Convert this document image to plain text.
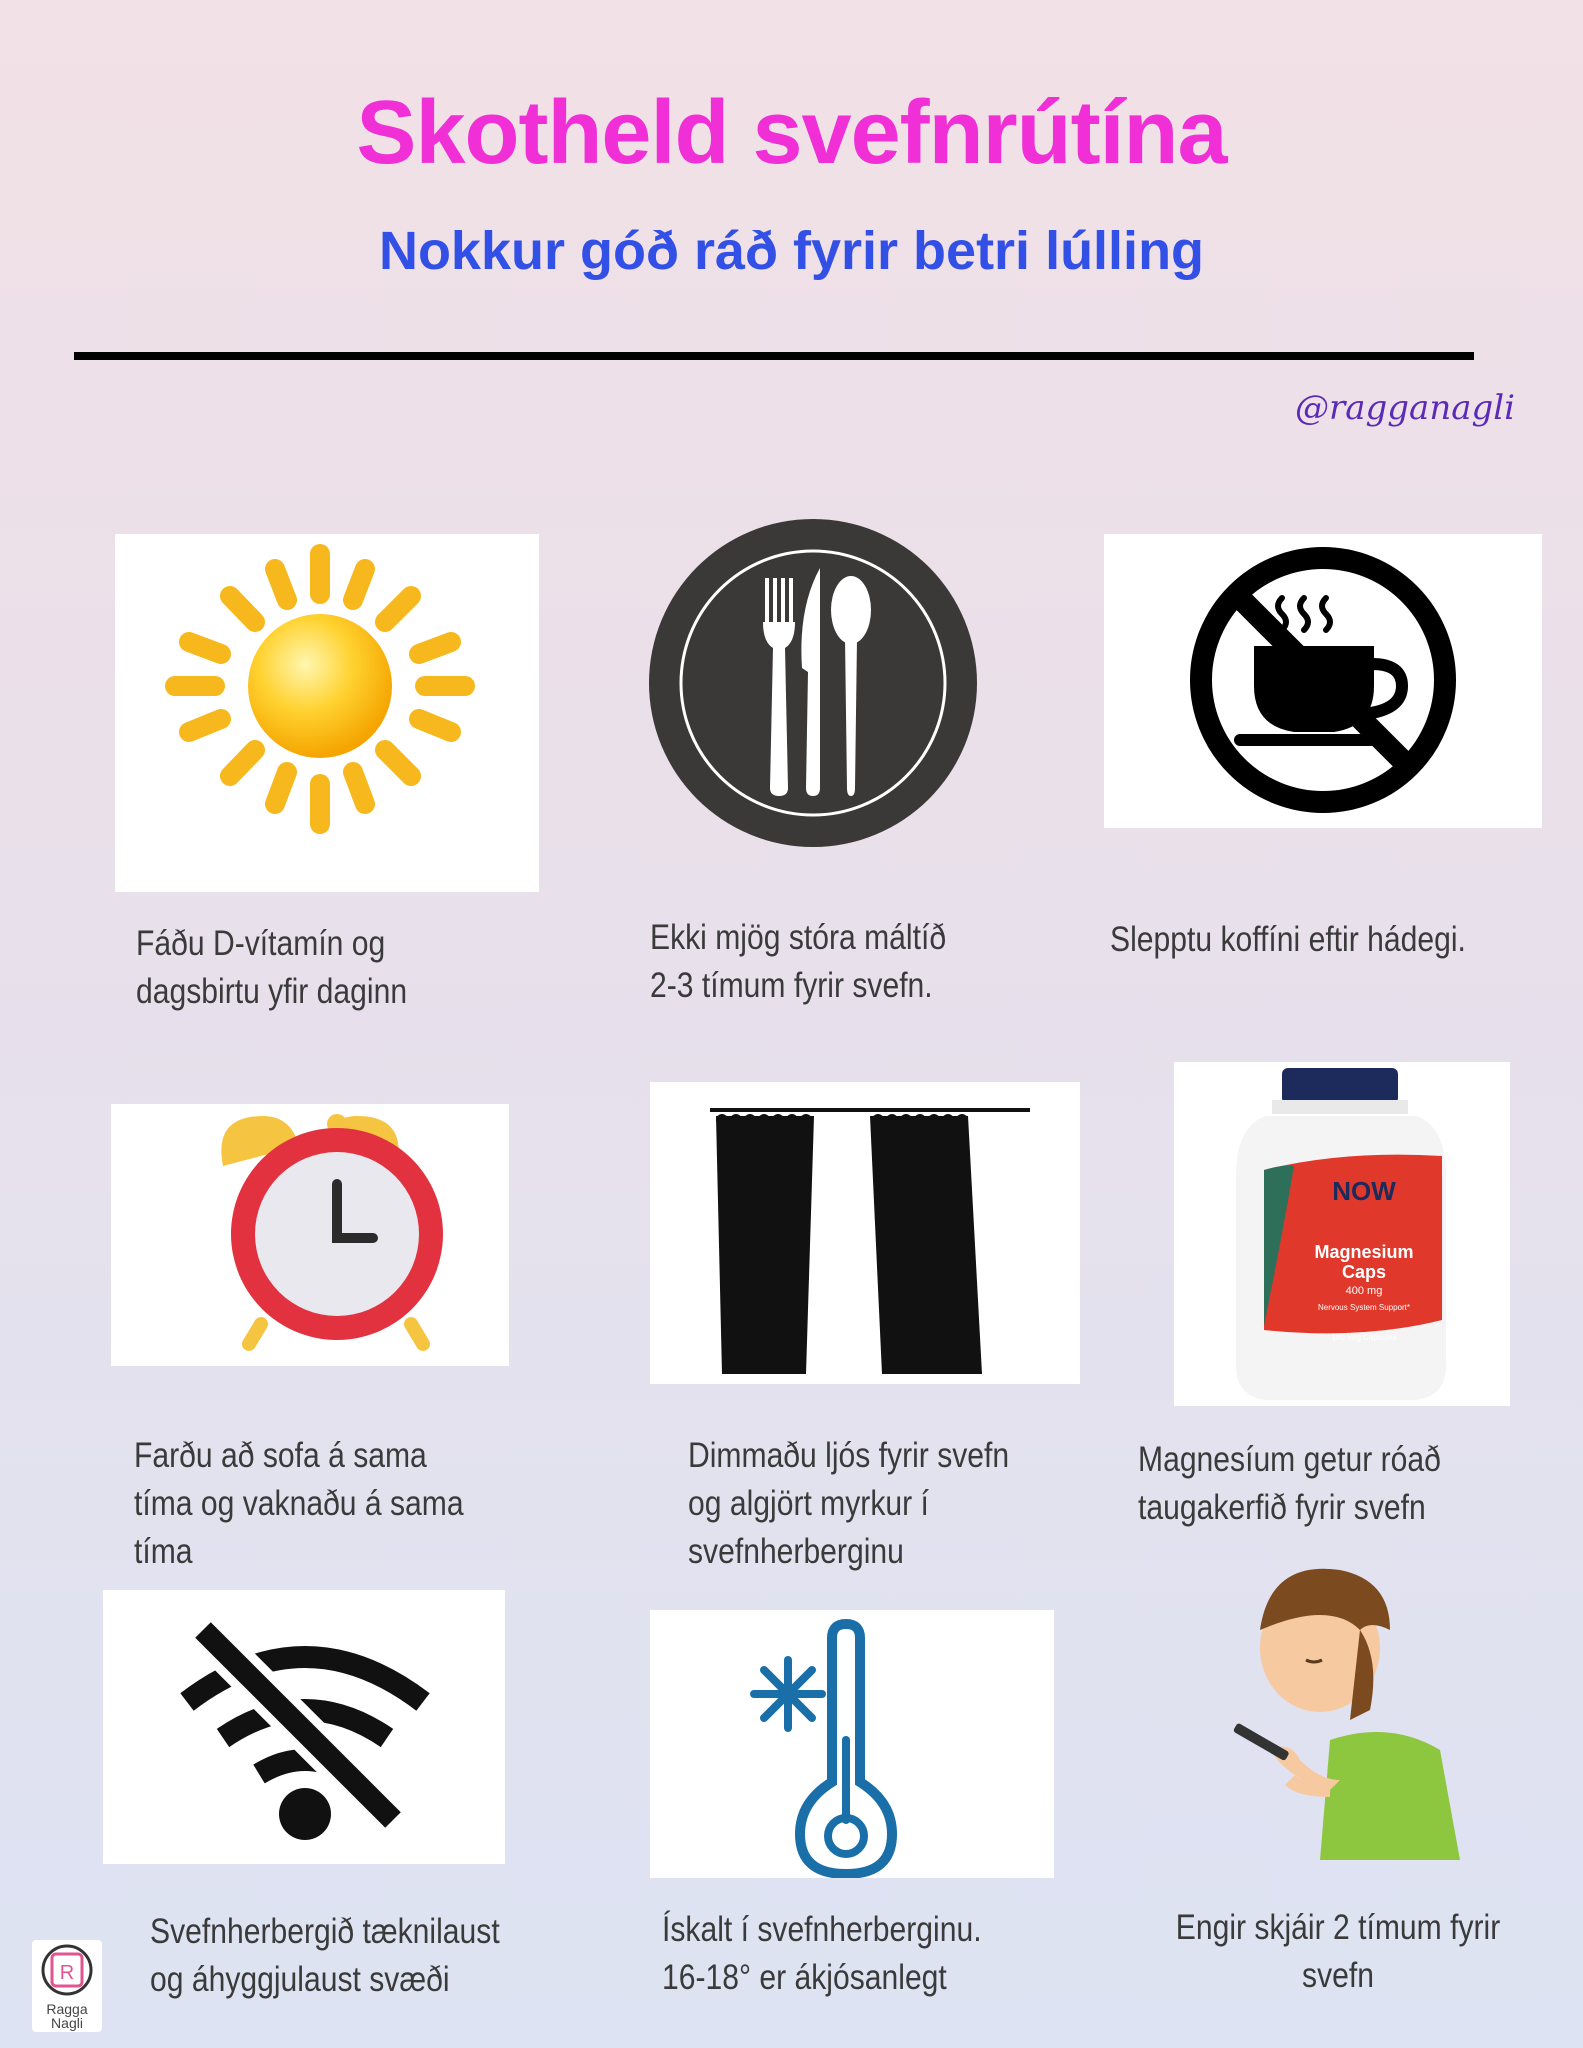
Skotheld svefnrútína
Nokkur góð ráð fyrir betri lúlling
@ragganagli

Fáðu D-vítamín og
dagsbirtu yfir daginn

Ekki mjög stóra máltíð
2-3 tímum fyrir svefn.

Slepptu koffíni eftir hádegi.

Farðu að sofa á sama
tíma og vaknaðu á sama
tíma

Dimmaðu ljós fyrir svefn
og algjört myrkur í
svefnherberginu

NOW
Magnesium
Caps
400 mg
Nervous System Support*
180 Veg Capsules

Magnesíum getur róað
taugakerfið fyrir svefn

Svefnherbergið tæknilaust
og áhyggjulaust svæði

Ískalt í svefnherberginu.
16-18° er ákjósanlegt

Engir skjáir 2 tímum fyrir
svefn

R
Ragga
Nagli
